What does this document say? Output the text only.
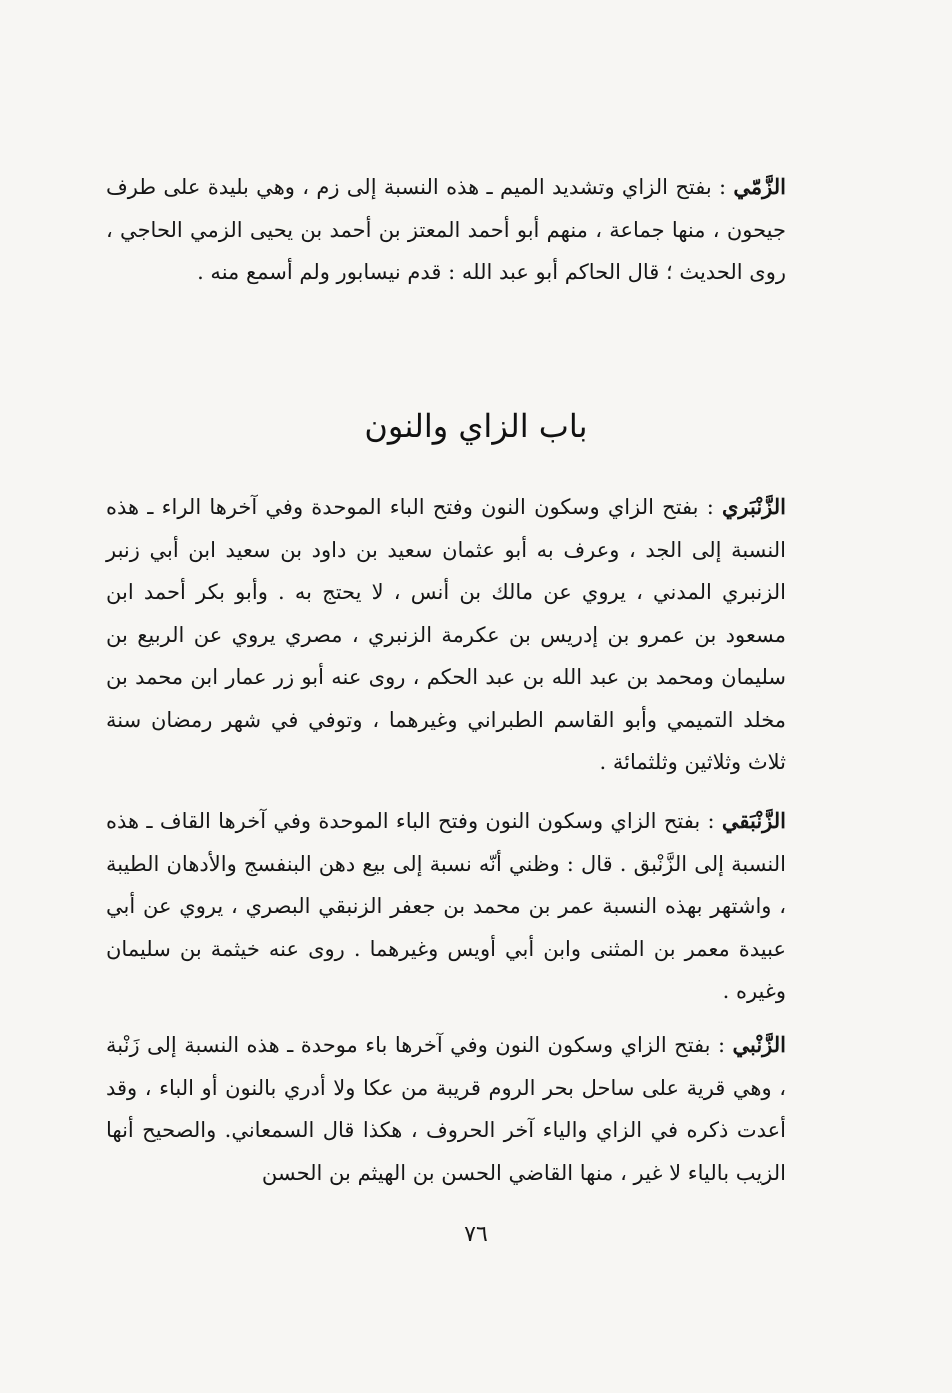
الزَّمّي : بفتح الزاي وتشديد الميم ـ هذه النسبة إلى زم ، وهي بليدة على طرف جيحون ، منها جماعة ، منهم أبو أحمد المعتز بن أحمد بن يحيى الزمي الحاجي ، روى الحديث ؛ قال الحاكم أبو عبد الله : قدم نيسابور ولم أسمع منه .

باب الزاي والنون

الزَّنْبَري : بفتح الزاي وسكون النون وفتح الباء الموحدة وفي آخرها الراء ـ هذه النسبة إلى الجد ، وعرف به أبو عثمان سعيد بن داود بن سعيد ابن أبي زنبر الزنبري المدني ، يروي عن مالك بن أنس ، لا يحتج به . وأبو بكر أحمد ابن مسعود بن عمرو بن إدريس بن عكرمة الزنبري ، مصري يروي عن الربيع بن سليمان ومحمد بن عبد الله بن عبد الحكم ، روى عنه أبو زر عمار ابن محمد بن مخلد التميمي وأبو القاسم الطبراني وغيرهما ، وتوفي في شهر رمضان سنة ثلاث وثلاثين وثلثمائة .

الزَّنْبَقي : بفتح الزاي وسكون النون وفتح الباء الموحدة وفي آخرها القاف ـ هذه النسبة إلى الزَّنْبق . قال : وظني أنّه نسبة إلى بيع دهن البنفسج والأدهان الطيبة ، واشتهر بهذه النسبة عمر بن محمد بن جعفر الزنبقي البصري ، يروي عن أبي عبيدة معمر بن المثنى وابن أبي أويس وغيرهما . روى عنه خيثمة بن سليمان وغيره .

الزَّنْبي : بفتح الزاي وسكون النون وفي آخرها باء موحدة ـ هذه النسبة إلى زَنْبة ، وهي قرية على ساحل بحر الروم قريبة من عكا ولا أدري بالنون أو الباء ، وقد أعدت ذكره في الزاي والياء آخر الحروف ، هكذا قال السمعاني. والصحيح أنها الزيب بالياء لا غير ، منها القاضي الحسن بن الهيثم بن الحسن

٧٦
